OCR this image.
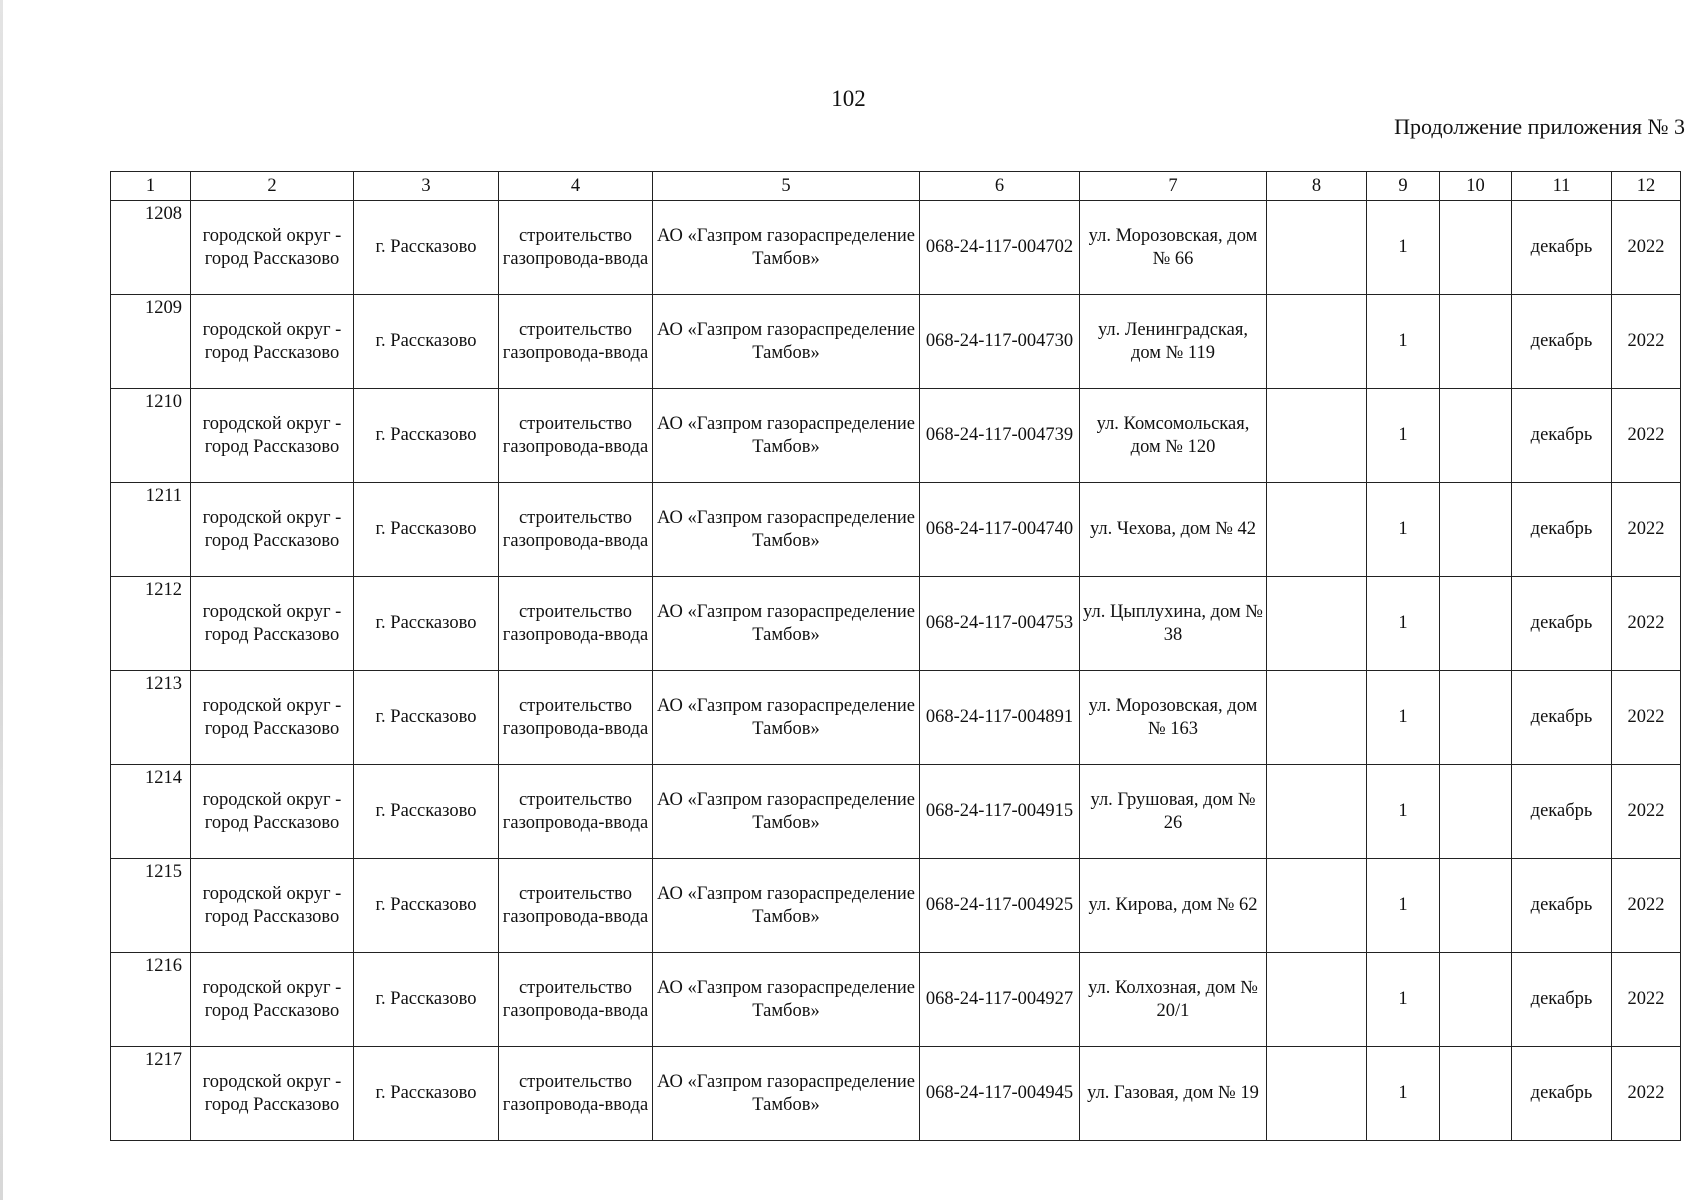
102
Продолжение приложения № 3
1	2	3	4	5	6	7	8	9	10	11	12
1208	городской округ - город Рассказово	г. Рассказово	строительство газопровода-ввода	АО «Газпром газораспределение Тамбов»	068-24-117-004702	ул. Морозовская, дом № 66		1		декабрь	2022
1209	городской округ - город Рассказово	г. Рассказово	строительство газопровода-ввода	АО «Газпром газораспределение Тамбов»	068-24-117-004730	ул. Ленинградская, дом № 119		1		декабрь	2022
1210	городской округ - город Рассказово	г. Рассказово	строительство газопровода-ввода	АО «Газпром газораспределение Тамбов»	068-24-117-004739	ул. Комсомольская, дом № 120		1		декабрь	2022
1211	городской округ - город Рассказово	г. Рассказово	строительство газопровода-ввода	АО «Газпром газораспределение Тамбов»	068-24-117-004740	ул. Чехова, дом № 42		1		декабрь	2022
1212	городской округ - город Рассказово	г. Рассказово	строительство газопровода-ввода	АО «Газпром газораспределение Тамбов»	068-24-117-004753	ул. Цыплухина, дом № 38		1		декабрь	2022
1213	городской округ - город Рассказово	г. Рассказово	строительство газопровода-ввода	АО «Газпром газораспределение Тамбов»	068-24-117-004891	ул. Морозовская, дом № 163		1		декабрь	2022
1214	городской округ - город Рассказово	г. Рассказово	строительство газопровода-ввода	АО «Газпром газораспределение Тамбов»	068-24-117-004915	ул. Грушовая, дом № 26		1		декабрь	2022
1215	городской округ - город Рассказово	г. Рассказово	строительство газопровода-ввода	АО «Газпром газораспределение Тамбов»	068-24-117-004925	ул. Кирова, дом № 62		1		декабрь	2022
1216	городской округ - город Рассказово	г. Рассказово	строительство газопровода-ввода	АО «Газпром газораспределение Тамбов»	068-24-117-004927	ул. Колхозная, дом № 20/1		1		декабрь	2022
1217	городской округ - город Рассказово	г. Рассказово	строительство газопровода-ввода	АО «Газпром газораспределение Тамбов»	068-24-117-004945	ул. Газовая, дом № 19		1		декабрь	2022
